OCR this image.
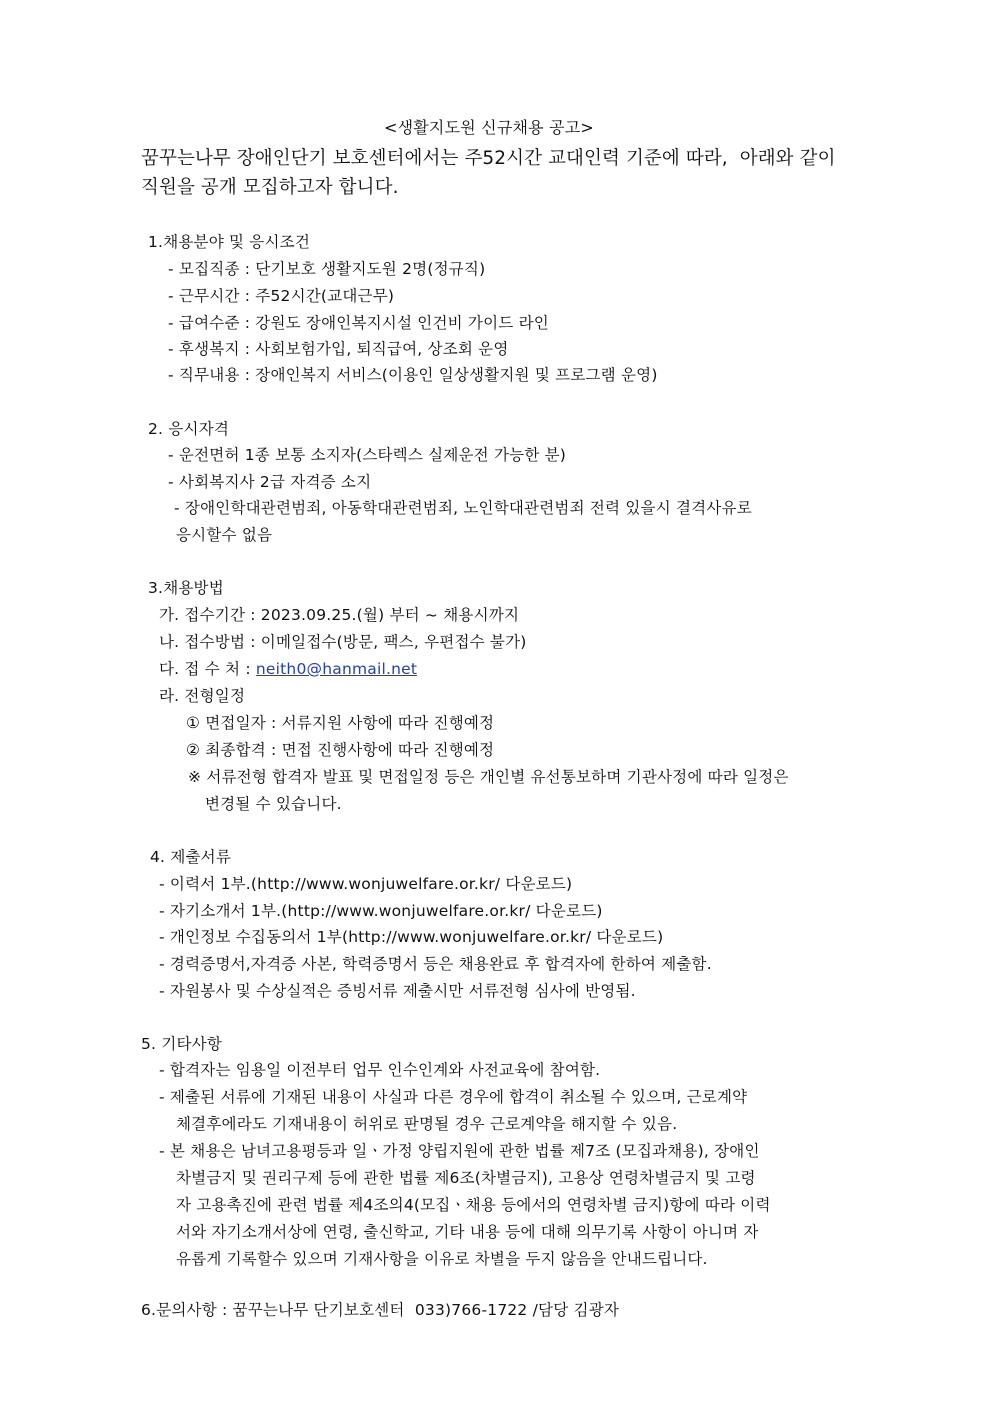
<생활지도원 신규채용 공고>
꿈꾸는나무 장애인단기 보호센터에서는 주52시간 교대인력 기준에 따라,  아래와 같이
직원을 공개 모집하고자 합니다.
1.채용분야 및 응시조건
- 모집직종 : 단기보호 생활지도원 2명(정규직)
- 근무시간 : 주52시간(교대근무)
- 급여수준 : 강원도 장애인복지시설 인건비 가이드 라인
- 후생복지 : 사회보험가입, 퇴직급여, 상조회 운영
- 직무내용 : 장애인복지 서비스(이용인 일상생활지원 및 프로그램 운영)
2. 응시자격
- 운전면허 1종 보통 소지자(스타렉스 실제운전 가능한 분)
- 사회복지사 2급 자격증 소지
- 장애인학대관련범죄, 아동학대관련범죄, 노인학대관련범죄 전력 있을시 결격사유로
응시할수 없음
3.채용방법
가. 접수기간 : 2023.09.25.(월) 부터 ~ 채용시까지
나. 접수방법 : 이메일접수(방문, 팩스, 우편접수 불가)
다. 접 수 처 : neith0@hanmail.net
라. 전형일정
① 면접일자 : 서류지원 사항에 따라 진행예정
② 최종합격 : 면접 진행사항에 따라 진행예정
※ 서류전형 합격자 발표 및 면접일정 등은 개인별 유선통보하며 기관사정에 따라 일정은
변경될 수 있습니다.
4. 제출서류
- 이력서 1부.(http://www.wonjuwelfare.or.kr/ 다운로드)
- 자기소개서 1부.(http://www.wonjuwelfare.or.kr/ 다운로드)
- 개인정보 수집동의서 1부(http://www.wonjuwelfare.or.kr/ 다운로드)
- 경력증명서,자격증 사본, 학력증명서 등은 채용완료 후 합격자에 한하여 제출함.
- 자원봉사 및 수상실적은 증빙서류 제출시만 서류전형 심사에 반영됨.
5. 기타사항
- 합격자는 임용일 이전부터 업무 인수인계와 사전교육에 참여함.
- 제출된 서류에 기재된 내용이 사실과 다른 경우에 합격이 취소될 수 있으며, 근로계약
체결후에라도 기재내용이 허위로 판명될 경우 근로계약을 해지할 수 있음.
- 본 채용은 남녀고용평등과 일ㆍ가정 양립지원에 관한 법률 제7조 (모집과채용), 장애인
차별금지 및 권리구제 등에 관한 법률 제6조(차별금지), 고용상 연령차별금지 및 고령
자 고용촉진에 관련 법률 제4조의4(모집ㆍ채용 등에서의 연령차별 금지)항에 따라 이력
서와 자기소개서상에 연령, 출신학교, 기타 내용 등에 대해 의무기록 사항이 아니며 자
유롭게 기록할수 있으며 기재사항을 이유로 차별을 두지 않음을 안내드립니다.
6.문의사항 : 꿈꾸는나무 단기보호센터  033)766-1722 /담당 김광자
